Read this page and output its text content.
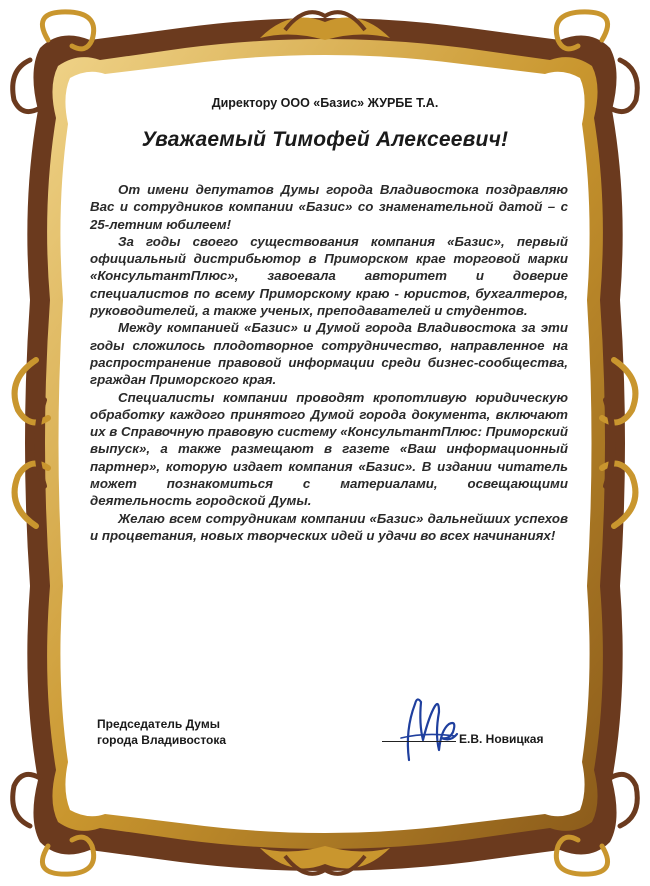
Директору ООО «Базис» ЖУРБЕ Т.А.
Уважаемый Тимофей Алексеевич!

От имени депутатов Думы города Владивостока поздравляю Вас и сотрудников компании «Базис» со знаменательной датой – с 25-летним юбилеем!

За годы своего существования компания «Базис», первый официальный дистрибьютор в Приморском крае торговой марки «КонсультантПлюс», завоевала авторитет и доверие специалистов по всему Приморскому краю - юристов, бухгалтеров, руководителей, а также ученых, преподавателей и студентов.

Между компанией «Базис» и Думой города Владивостока за эти годы сложилось плодотворное сотрудничество, направленное на распространение правовой информации среди бизнес-сообщества, граждан Приморского края.

Специалисты компании проводят кропотливую юридическую обработку каждого принятого Думой города документа, включают их в Справочную правовую систему «КонсультантПлюс: Приморский выпуск», а также размещают в газете «Ваш информационный партнер», которую издает компания «Базис». В издании читатель может познакомиться с материалами, освещающими деятельность городской Думы.

Желаю всем сотрудникам компании «Базис» дальнейших успехов и процветания, новых творческих идей и удачи во всех начинаниях!

Председатель Думы
города Владивостока	Е.В. Новицкая
